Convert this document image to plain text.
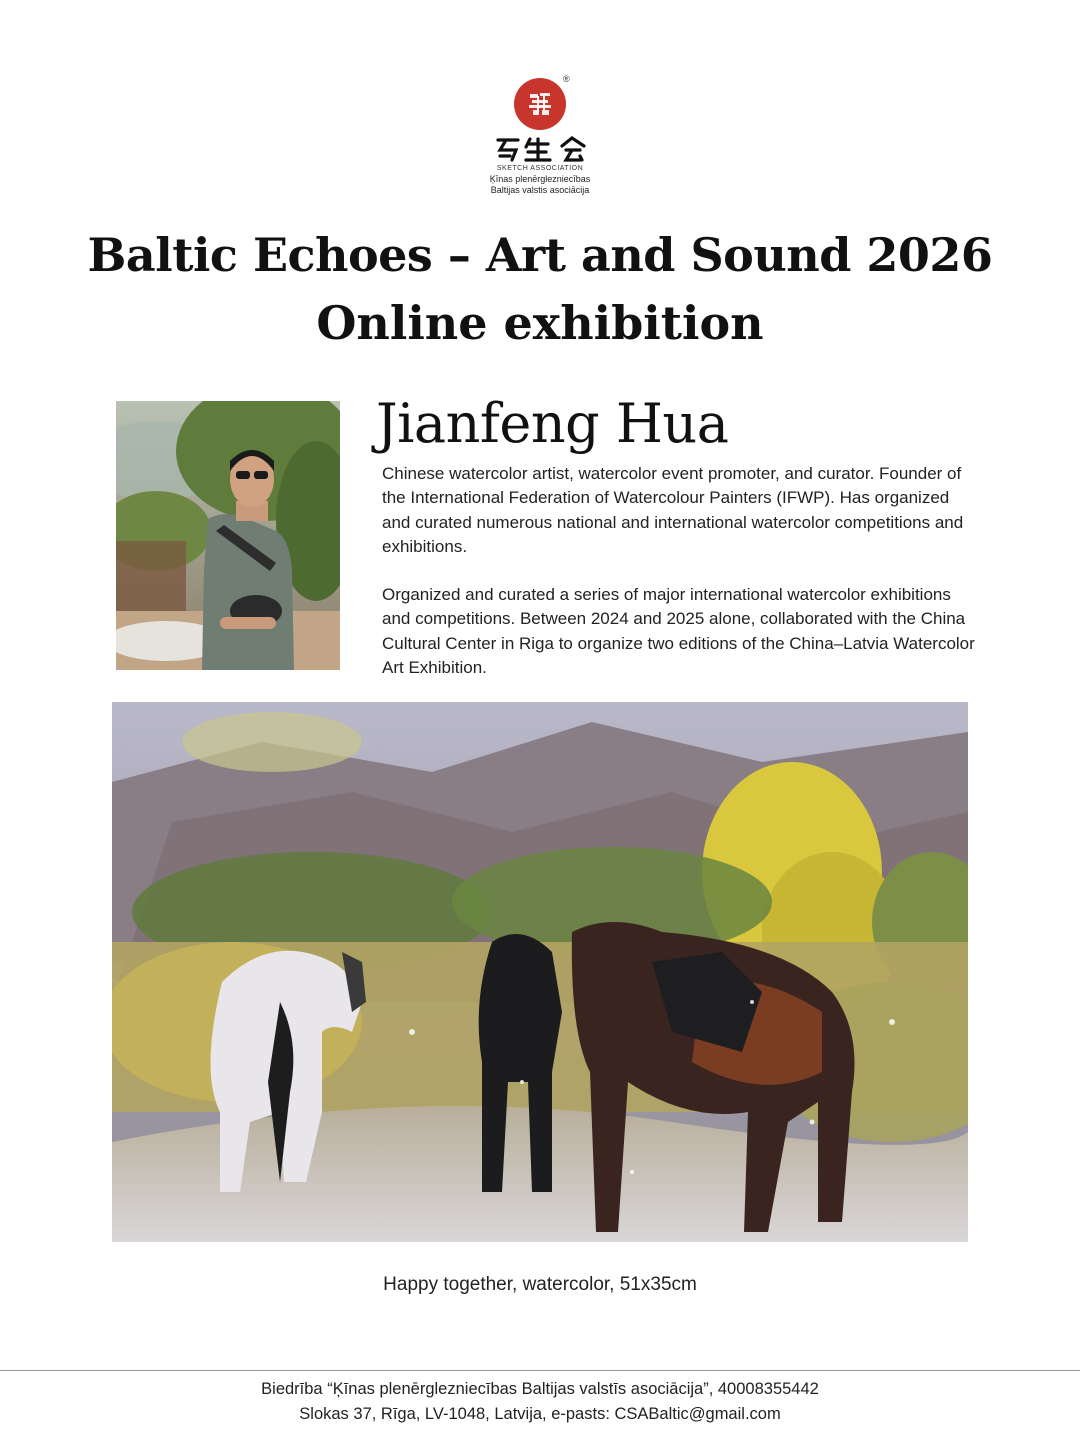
®
SKETCH ASSOCIATION
Ķīnas plenērglezniecības
Baltijas valstis asociācija
Baltic Echoes – Art and Sound 2026
Online exhibition
Jianfeng Hua

Chinese watercolor artist, watercolor event promoter, and curator. Founder of the International Federation of Watercolour Painters (IFWP). Has organized and curated numerous national and international watercolor competitions and exhibitions.

Organized and curated a series of major international watercolor exhibitions and competitions. Between 2024 and 2025 alone, collaborated with the China Cultural Center in Riga to organize two editions of the China–Latvia Watercolor Art Exhibition.

Happy together, watercolor, 51x35cm

Biedrība “Ķīnas plenērglezniecības Baltijas valstīs asociācija”, 40008355442

Slokas 37, Rīga, LV-1048, Latvija, e-pasts: CSABaltic@gmail.com
